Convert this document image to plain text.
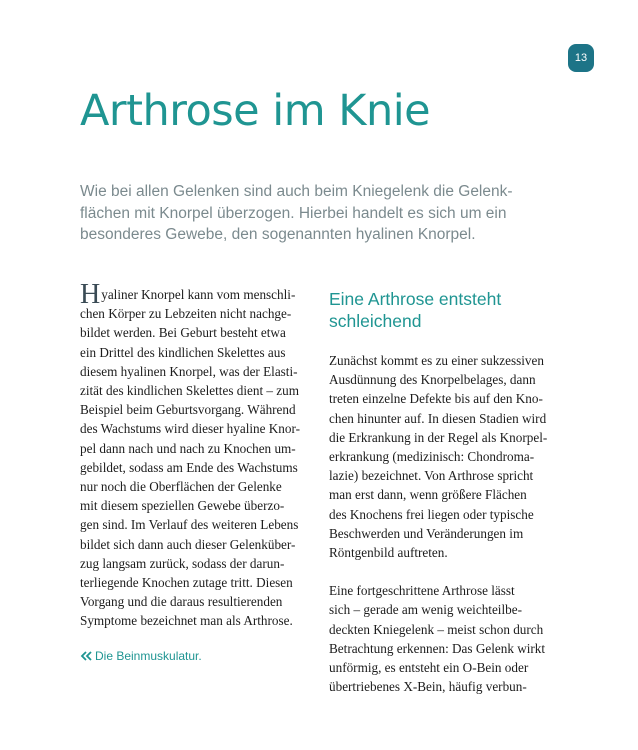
13
Arthrose im Knie
Wie bei allen Gelenken sind auch beim Kniegelenk die Gelenk-
flächen mit Knorpel überzogen. Hierbei handelt es sich um ein
besonderes Gewebe, den sogenannten hyalinen Knorpel.
Hyaliner Knorpel kann vom menschli-
chen Körper zu Lebzeiten nicht nachge-
bildet werden. Bei Geburt besteht etwa
ein Drittel des kindlichen Skelettes aus
diesem hyalinen Knorpel, was der Elasti-
zität des kindlichen Skelettes dient – zum
Beispiel beim Geburtsvorgang. Während
des Wachstums wird dieser hyaline Knor-
pel dann nach und nach zu Knochen um-
gebildet, sodass am Ende des Wachstums
nur noch die Oberflächen der Gelenke
mit diesem speziellen Gewebe überzo-
gen sind. Im Verlauf des weiteren Lebens
bildet sich dann auch dieser Gelenküber-
zug langsam zurück, sodass der darun-
terliegende Knochen zutage tritt. Diesen
Vorgang und die daraus resultierenden
Symptome bezeichnet man als Arthrose.
Die Beinmuskulatur.
Eine Arthrose entsteht
schleichend
Zunächst kommt es zu einer sukzessiven
Ausdünnung des Knorpelbelages, dann
treten einzelne Defekte bis auf den Kno-
chen hinunter auf. In diesen Stadien wird
die Erkrankung in der Regel als Knorpel-
erkrankung (medizinisch: Chondroma-
lazie) bezeichnet. Von Arthrose spricht
man erst dann, wenn größere Flächen
des Knochens frei liegen oder typische
Beschwerden und Veränderungen im
Röntgenbild auftreten.
Eine fortgeschrittene Arthrose lässt
sich – gerade am wenig weichteilbe-
deckten Kniegelenk – meist schon durch
Betrachtung erkennen: Das Gelenk wirkt
unförmig, es entsteht ein O-Bein oder
übertriebenes X-Bein, häufig verbun-
